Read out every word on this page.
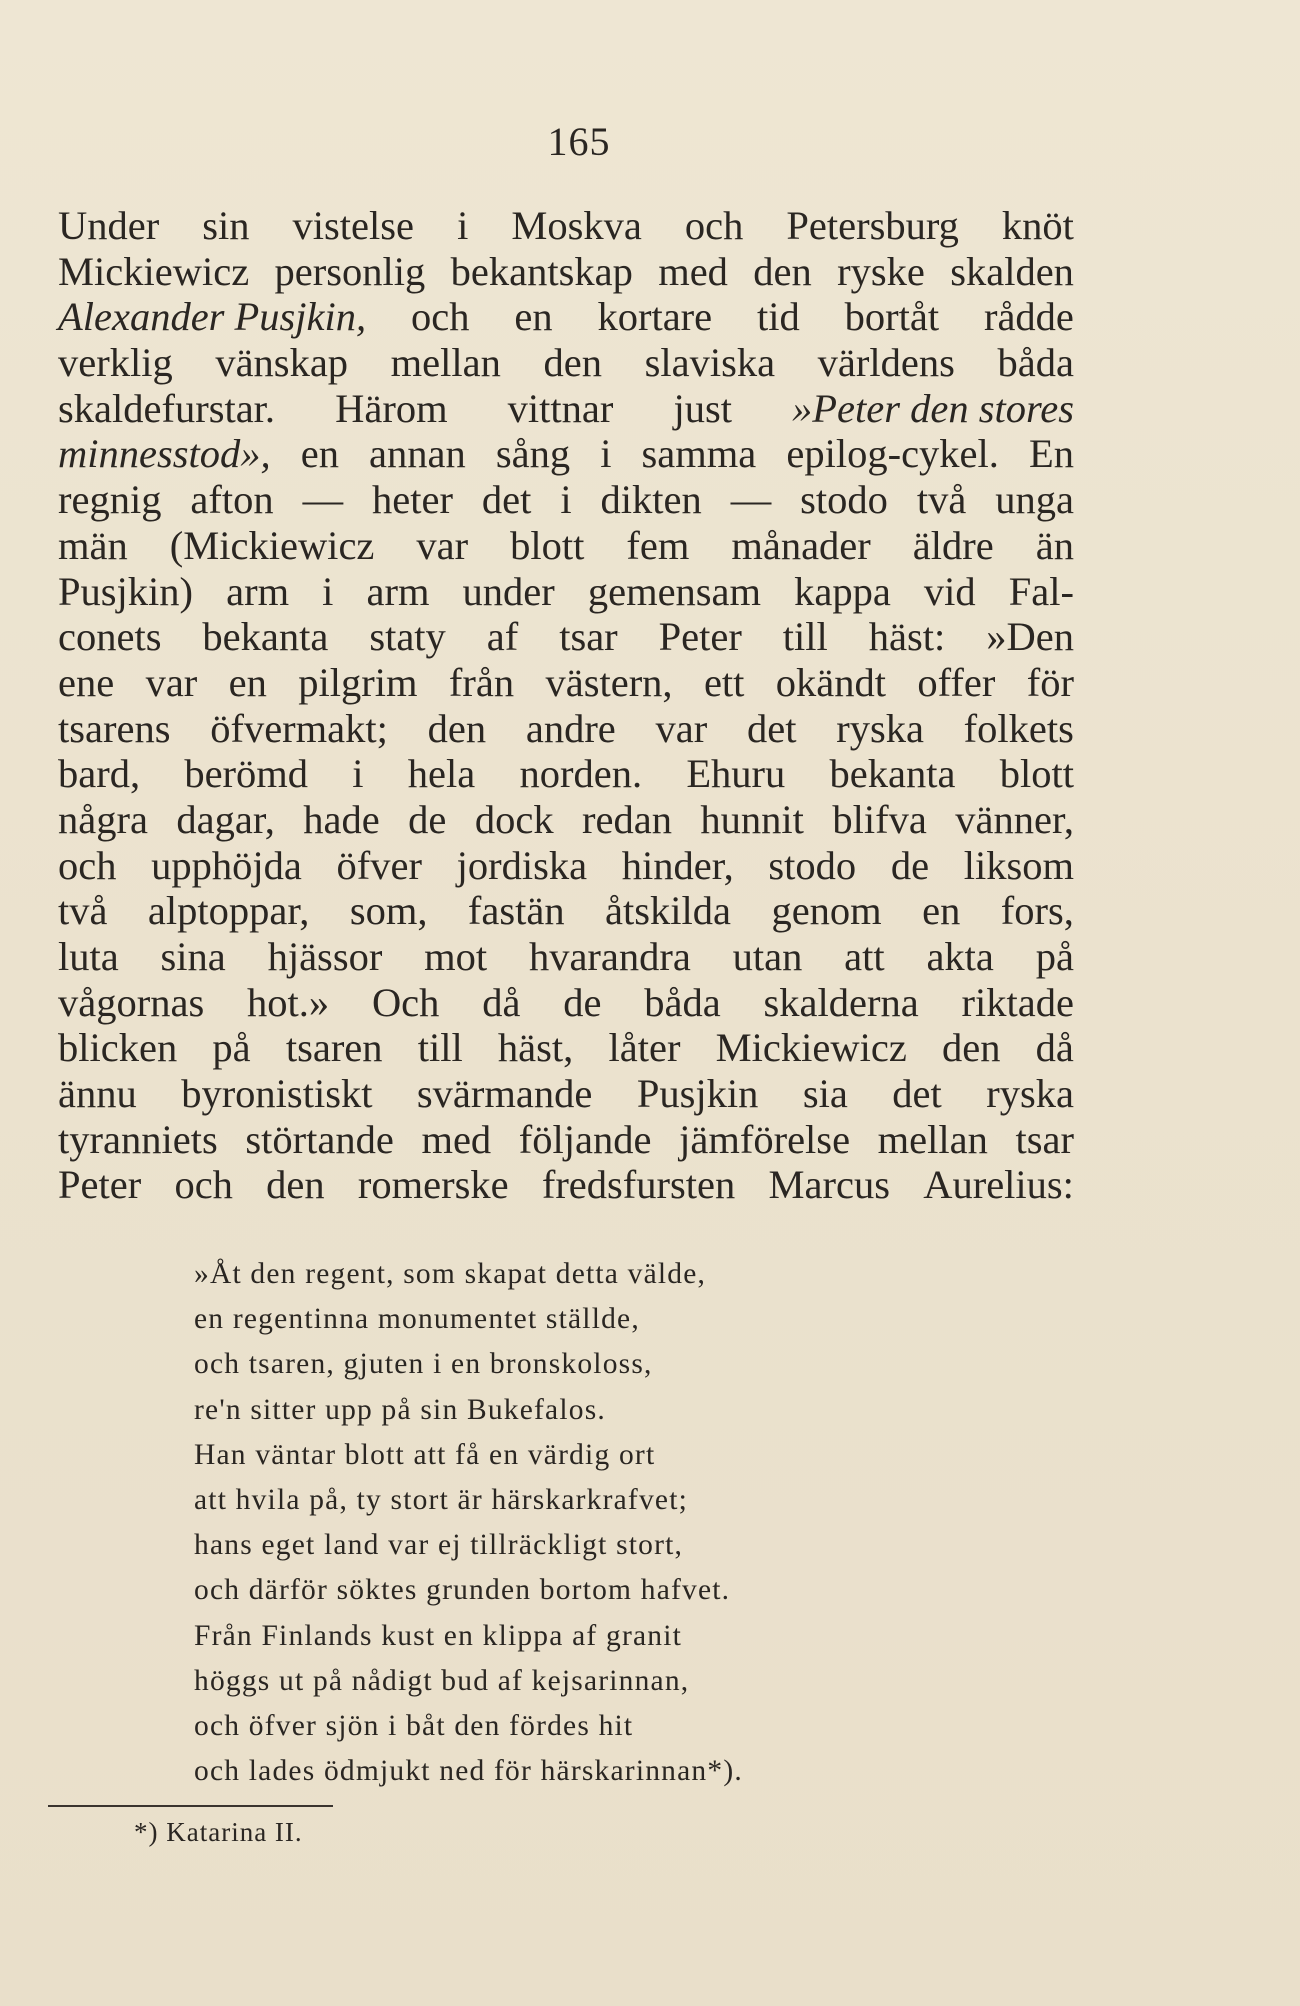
165
Under sin vistelse i Moskva och Petersburg knöt
Mickiewicz personlig bekantskap med den ryske skalden
Alexander Pusjkin, och en kortare tid bortåt rådde
verklig vänskap mellan den slaviska världens båda
skaldefurstar. Härom vittnar just »Peter den stores
minnesstod», en annan sång i samma epilog-cykel. En
regnig afton — heter det i dikten — stodo två unga
män (Mickiewicz var blott fem månader äldre än
Pusjkin) arm i arm under gemensam kappa vid Fal-
conets bekanta staty af tsar Peter till häst: »Den
ene var en pilgrim från västern, ett okändt offer för
tsarens öfvermakt; den andre var det ryska folkets
bard, berömd i hela norden. Ehuru bekanta blott
några dagar, hade de dock redan hunnit blifva vänner,
och upphöjda öfver jordiska hinder, stodo de liksom
två alptoppar, som, fastän åtskilda genom en fors,
luta sina hjässor mot hvarandra utan att akta på
vågornas hot.» Och då de båda skalderna riktade
blicken på tsaren till häst, låter Mickiewicz den då
ännu byronistiskt svärmande Pusjkin sia det ryska
tyranniets störtande med följande jämförelse mellan tsar
Peter och den romerske fredsfursten Marcus Aurelius:
»Åt den regent, som skapat detta välde,
en regentinna monumentet ställde,
och tsaren, gjuten i en bronskoloss,
re'n sitter upp på sin Bukefalos.
Han väntar blott att få en värdig ort
att hvila på, ty stort är härskarkrafvet;
hans eget land var ej tillräckligt stort,
och därför söktes grunden bortom hafvet.
Från Finlands kust en klippa af granit
höggs ut på nådigt bud af kejsarinnan,
och öfver sjön i båt den fördes hit
och lades ödmjukt ned för härskarinnan*).
*) Katarina II.
